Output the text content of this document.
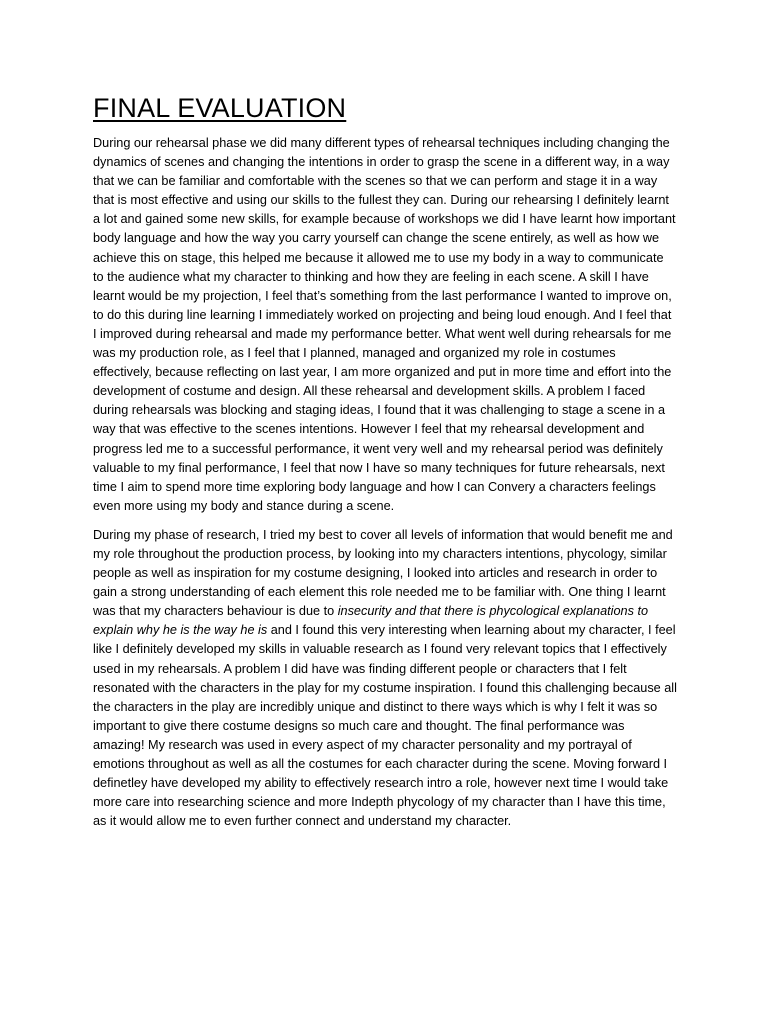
FINAL EVALUATION

During our rehearsal phase we did many different types of rehearsal techniques including changing the dynamics of scenes and changing the intentions in order to grasp the scene in a different way, in a way that we can be familiar and comfortable with the scenes so that we can perform and stage it in a way that is most effective and using our skills to the fullest they can. During our rehearsing I definitely learnt a lot and gained some new skills, for example because of workshops we did I have learnt how important body language and how the way you carry yourself can change the scene entirely, as well as how we achieve this on stage, this helped me because it allowed me to use my body in a way to communicate to the audience what my character to thinking and how they are feeling in each scene. A skill I have learnt would be my projection, I feel that’s something from the last performance I wanted to improve on, to do this during line learning I immediately worked on projecting and being loud enough. And I feel that I improved during rehearsal and made my performance better. What went well during rehearsals for me was my production role, as I feel that I planned, managed and organized my role in costumes effectively, because reflecting on last year, I am more organized and put in more time and effort into the development of costume and design. All these rehearsal and development skills. A problem I faced during rehearsals was blocking and staging ideas, I found that it was challenging to stage a scene in a way that was effective to the scenes intentions. However I feel that my rehearsal development and progress led me to a successful performance, it went very well and my rehearsal period was definitely valuable to my final performance, I feel that now I have so many techniques for future rehearsals, next time I aim to spend more time exploring body language and how I can Convery a characters feelings even more using my body and stance during a scene.

During my phase of research, I tried my best to cover all levels of information that would benefit me and my role throughout the production process, by looking into my characters intentions, phycology, similar people as well as inspiration for my costume designing, I looked into articles and research in order to gain a strong understanding of each element this role needed me to be familiar with. One thing I learnt was that my characters behaviour is due to insecurity and that there is phycological explanations to explain why he is the way he is and I found this very interesting when learning about my character, I feel like I definitely developed my skills in valuable research as I found very relevant topics that I effectively used in my rehearsals. A problem I did have was finding different people or characters that I felt resonated with the characters in the play for my costume inspiration. I found this challenging because all the characters in the play are incredibly unique and distinct to there ways which is why I felt it was so important to give there costume designs so much care and thought. The final performance was amazing! My research was used in every aspect of my character personality and my portrayal of emotions throughout as well as all the costumes for each character during the scene. Moving forward I definetley have developed my ability to effectively research intro a role, however next time I would take more care into researching science and more Indepth phycology of my character than I have this time, as it would allow me to even further connect and understand my character.
